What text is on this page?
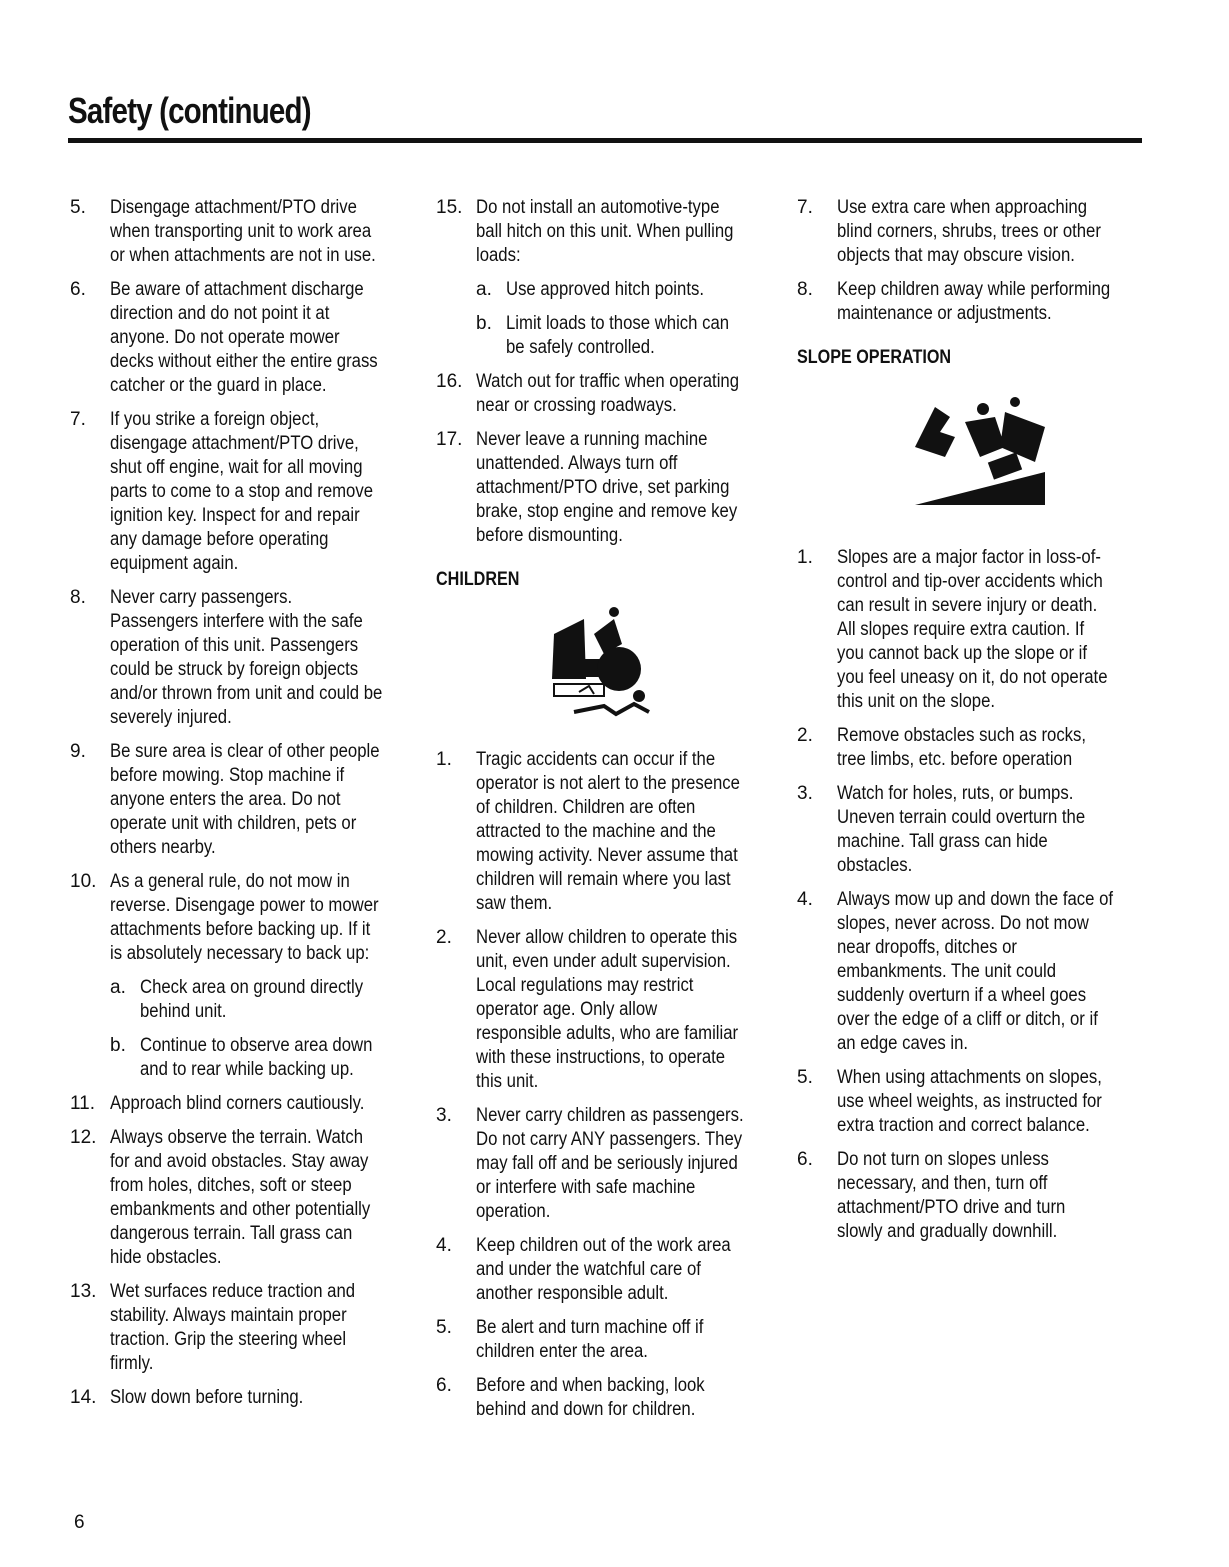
Safety (continued)
5.	Disengage attachment/PTO drive when transporting unit to work area or when attachments are not in use.
6.	Be aware of attachment discharge direction and do not point it at anyone. Do not operate mower decks without either the entire grass catcher or the guard in place.
7.	If you strike a foreign object, disengage attachment/PTO drive, shut off engine, wait for all moving parts to come to a stop and remove ignition key. Inspect for and repair any damage before operating equipment again.
8.	Never carry passengers. Passengers interfere with the safe operation of this unit. Passengers could be struck by foreign objects and/or thrown from unit and could be severely injured.
9.	Be sure area is clear of other people before mowing. Stop machine if anyone enters the area. Do not operate unit with children, pets or others nearby.
10. As a general rule, do not mow in reverse. Disengage power to mower attachments before backing up. If it is absolutely necessary to back up:
a. Check area on ground directly behind unit.
b. Continue to observe area down and to rear while backing up.
11. Approach blind corners cautiously.
12. Always observe the terrain. Watch for and avoid obstacles. Stay away from holes, ditches, soft or steep embankments and other potentially dangerous terrain. Tall grass can hide obstacles.
13. Wet surfaces reduce traction and stability. Always maintain proper traction. Grip the steering wheel firmly.
14. Slow down before turning.
15. Do not install an automotive-type ball hitch on this unit. When pulling loads:
a. Use approved hitch points.
b. Limit loads to those which can be safely controlled.
16. Watch out for traffic when operating near or crossing roadways.
17. Never leave a running machine unattended. Always turn off attachment/PTO drive, set parking brake, stop engine and remove key before dismounting.
CHILDREN
1.	Tragic accidents can occur if the operator is not alert to the presence of children. Children are often attracted to the machine and the mowing activity. Never assume that children will remain where you last saw them.
2.	Never allow children to operate this unit, even under adult supervision. Local regulations may restrict operator age. Only allow responsible adults, who are familiar with these instructions, to operate this unit.
3.	Never carry children as passengers. Do not carry ANY passengers. They may fall off and be seriously injured or interfere with safe machine operation.
4.	Keep children out of the work area and under the watchful care of another responsible adult.
5.	Be alert and turn machine off if children enter the area.
6.	Before and when backing, look behind and down for children.
7.	Use extra care when approaching blind corners, shrubs, trees or other objects that may obscure vision.
8.	Keep children away while performing maintenance or adjustments.
SLOPE OPERATION
1.	Slopes are a major factor in loss-of-control and tip-over accidents which can result in severe injury or death. All slopes require extra caution. If you cannot back up the slope or if you feel uneasy on it, do not operate this unit on the slope.
2.	Remove obstacles such as rocks, tree limbs, etc. before operation
3.	Watch for holes, ruts, or bumps. Uneven terrain could overturn the machine. Tall grass can hide obstacles.
4.	Always mow up and down the face of slopes, never across. Do not mow near dropoffs, ditches or embankments. The unit could suddenly overturn if a wheel goes over the edge of a cliff or ditch, or if an edge caves in.
5.	When using attachments on slopes, use wheel weights, as instructed for extra traction and correct balance.
6.	Do not turn on slopes unless necessary, and then, turn off attachment/PTO drive and turn slowly and gradually downhill.
6
